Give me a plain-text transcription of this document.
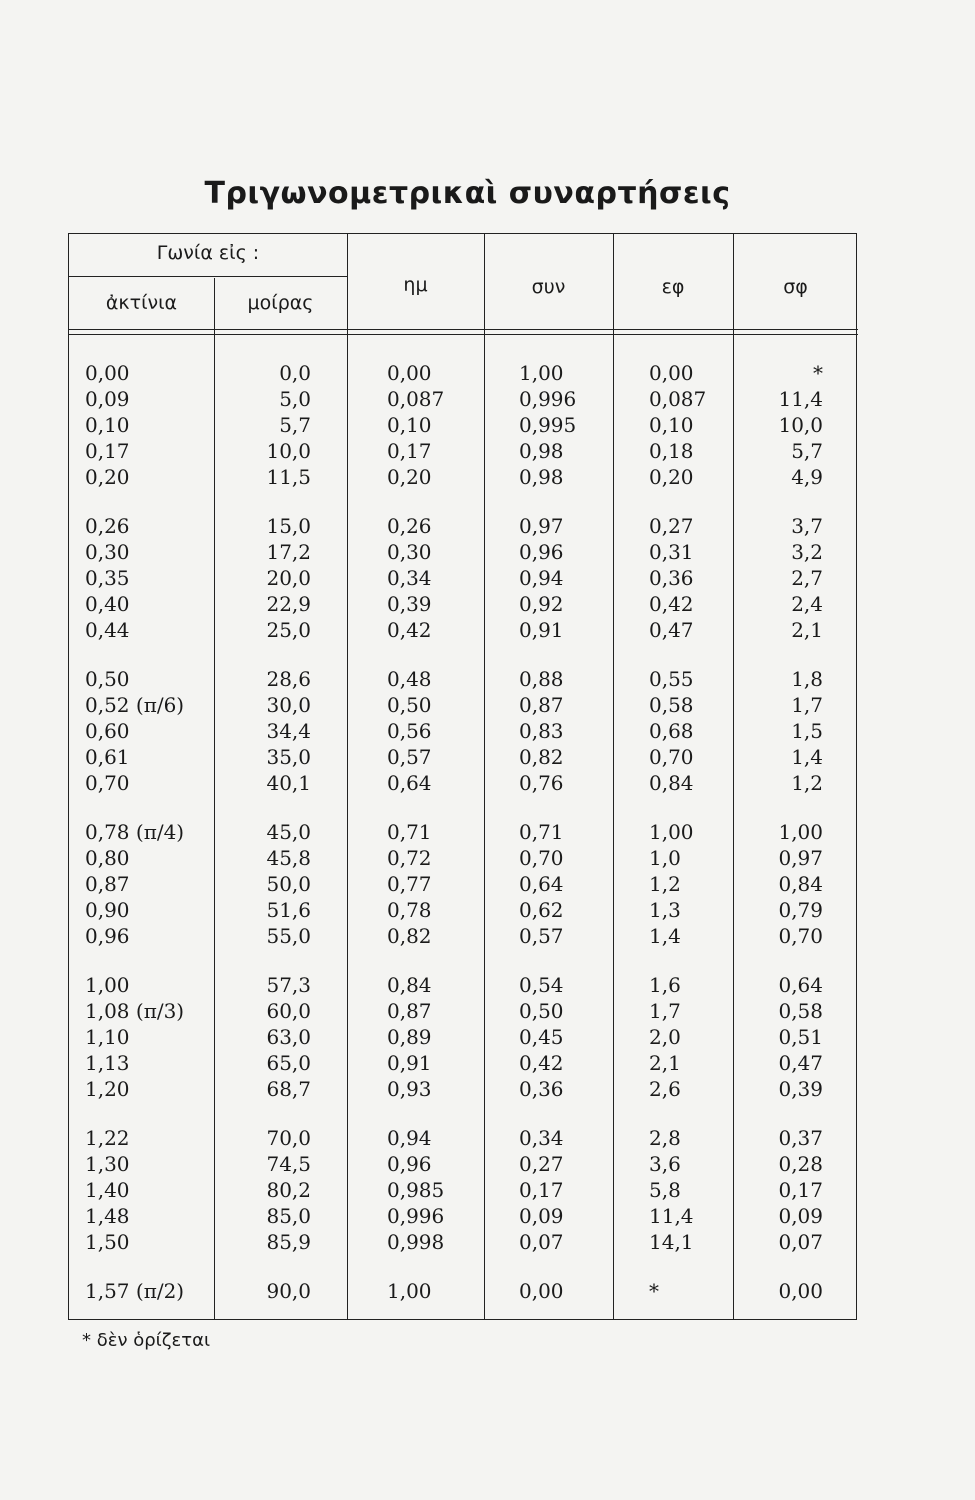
Τριγωνομετρικαὶ συναρτήσεις
Γωνία εἰς :
ἀκτίνια	μοίρας
ημ	συν	εφ	σφ
0,00	0,0	0,00	1,00	0,00	*
0,09	5,0	0,087	0,996	0,087	11,4
0,10	5,7	0,10	0,995	0,10	10,0
0,17	10,0	0,17	0,98	0,18	5,7
0,20	11,5	0,20	0,98	0,20	4,9
0,26	15,0	0,26	0,97	0,27	3,7
0,30	17,2	0,30	0,96	0,31	3,2
0,35	20,0	0,34	0,94	0,36	2,7
0,40	22,9	0,39	0,92	0,42	2,4
0,44	25,0	0,42	0,91	0,47	2,1
0,50	28,6	0,48	0,88	0,55	1,8
0,52 (π/6)	30,0	0,50	0,87	0,58	1,7
0,60	34,4	0,56	0,83	0,68	1,5
0,61	35,0	0,57	0,82	0,70	1,4
0,70	40,1	0,64	0,76	0,84	1,2
0,78 (π/4)	45,0	0,71	0,71	1,00	1,00
0,80	45,8	0,72	0,70	1,0	0,97
0,87	50,0	0,77	0,64	1,2	0,84
0,90	51,6	0,78	0,62	1,3	0,79
0,96	55,0	0,82	0,57	1,4	0,70
1,00	57,3	0,84	0,54	1,6	0,64
1,08 (π/3)	60,0	0,87	0,50	1,7	0,58
1,10	63,0	0,89	0,45	2,0	0,51
1,13	65,0	0,91	0,42	2,1	0,47
1,20	68,7	0,93	0,36	2,6	0,39
1,22	70,0	0,94	0,34	2,8	0,37
1,30	74,5	0,96	0,27	3,6	0,28
1,40	80,2	0,985	0,17	5,8	0,17
1,48	85,0	0,996	0,09	11,4	0,09
1,50	85,9	0,998	0,07	14,1	0,07
1,57 (π/2)	90,0	1,00	0,00	*	0,00
* δὲν ὁρίζεται
